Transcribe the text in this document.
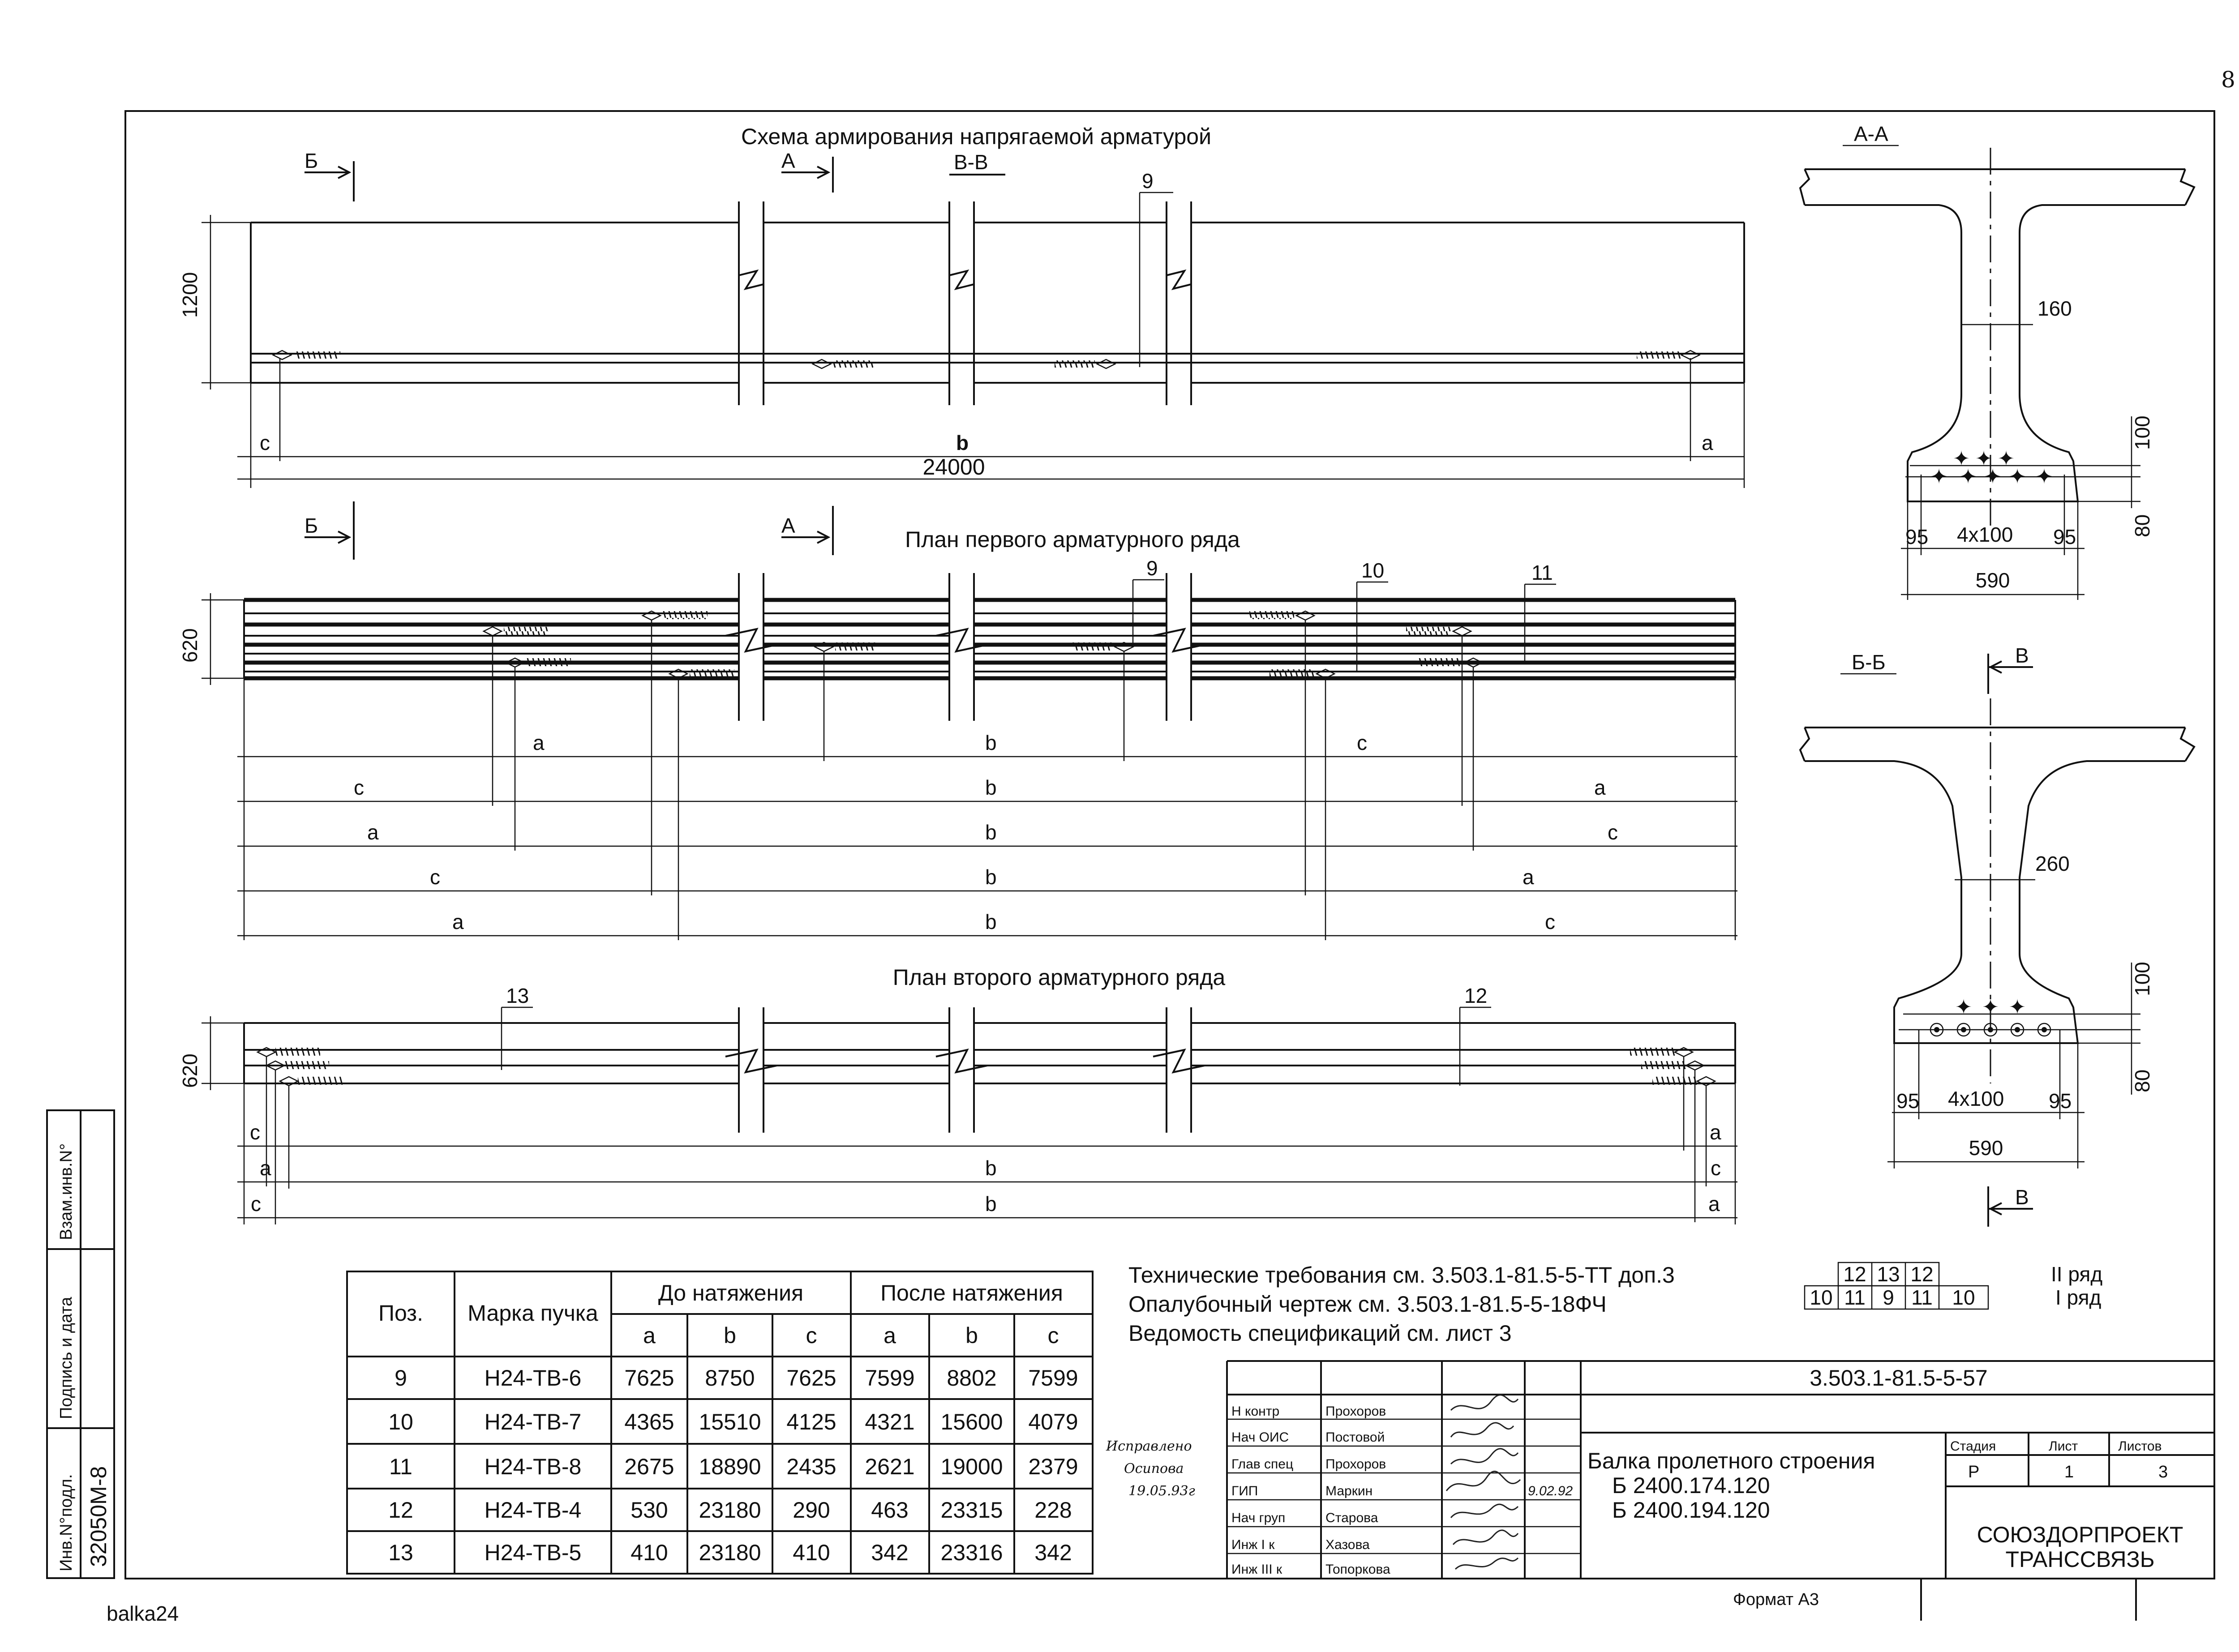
8
balka24
Схема армирования напрягаемой арматурой
1200
c	b	a
24000
9
Б	А	В-В
План первого арматурного ряда
Б	А
620
9	10	11
a	b	c
c	b	a
a	b	c
c	b	a
a	b	c
План второго арматурного ряда
620
13	12
c	a
a	b	c
c	b	a
А-А
✦ ✦ ✦
✦ ✦ ✦ ✦ ✦
160
100
80
95 4x100 95
590
Б-Б	В
В
✦ ✦ ✦
260
100
80
95 4x100 95
590
12 13 12
10 11 9 11 10
II ряд
I ряд
Технические требования см. 3.503.1-81.5-5-ТТ доп.3
Опалубочный чертеж см. 3.503.1-81.5-5-18ФЧ
Ведомость спецификаций см. лист 3
Поз. Марка пучка
До натяжения	После натяжения
a	b	c	a	b	c
9	Н24-ТВ-6 7625 8750 7625 7599 8802 7599
10	Н24-ТВ-7 4365 15510 4125 4321 15600 4079
11	Н24-ТВ-8 2675 18890 2435 2621 19000 2379
12	Н24-ТВ-4 530 23180 290 463 23315 228
13	Н24-ТВ-5 410 23180 410 342 23316 342
Исправлено
Осипова
19.05.93г
Взам.инв.N°
Подпись и дата
Инв.N°подл. 32050М-8
Н контр	Прохоров
Нач ОИС	Постовой
Глав спец Прохоров
ГИП	Маркин
Нач груп	Старова
Инж I к	Хазова
Инж III к	Топоркова
9.02.92
3.503.1-81.5-5-57
Балка пролетного строения
Б 2400.174.120
Б 2400.194.120
Стадия	Лист	Листов
Р	1	3
СОЮЗДОРПРОЕКТ
ТРАНССВЯЗЬ
Формат А3
